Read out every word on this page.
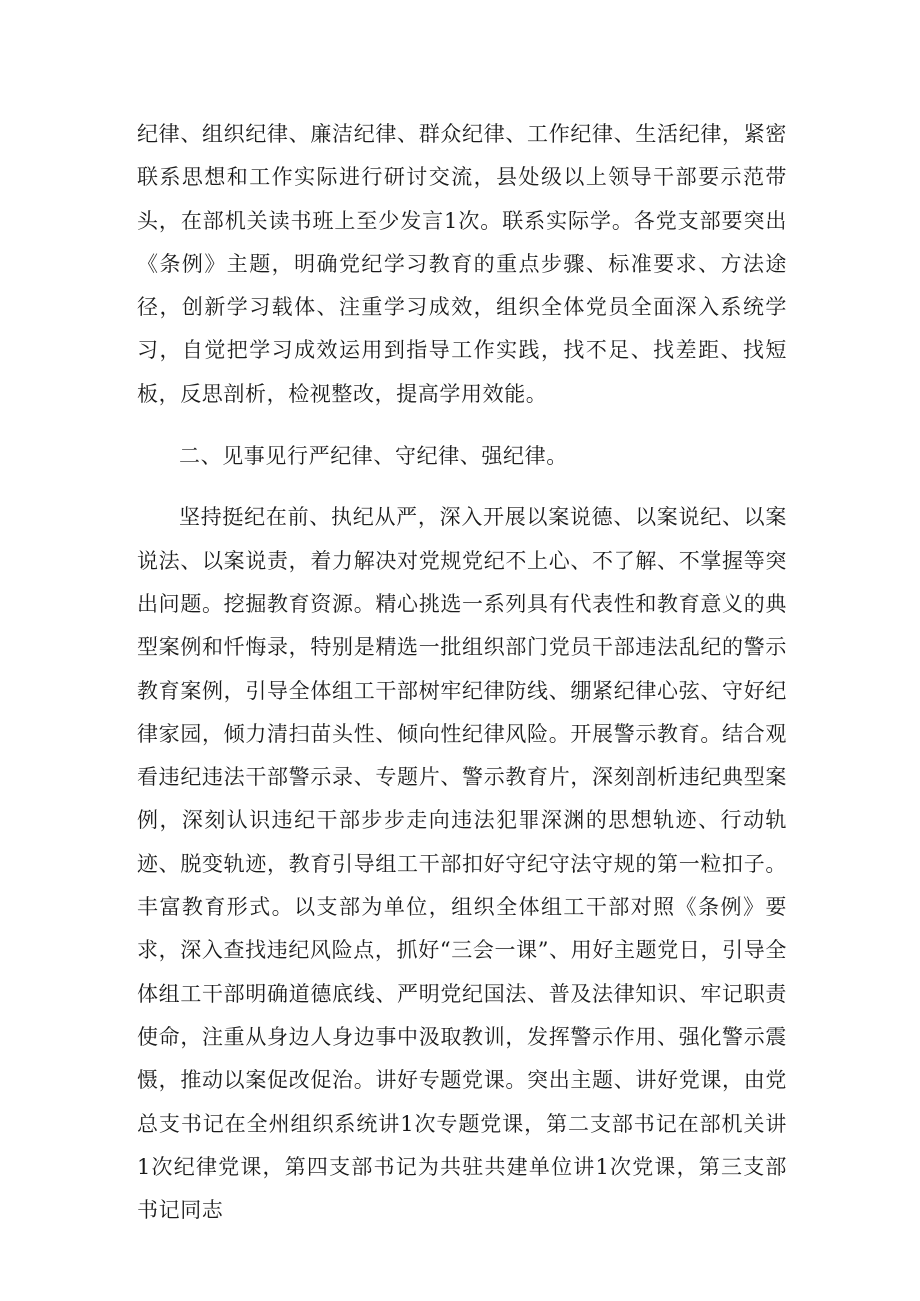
纪律、组织纪律、廉洁纪律、群众纪律、工作纪律、生活纪律，紧密联系思想和工作实际进行研讨交流，县处级以上领导干部要示范带头，在部机关读书班上至少发言1次。联系实际学。各党支部要突出《条例》主题，明确党纪学习教育的重点步骤、标准要求、方法途径，创新学习载体、注重学习成效，组织全体党员全面深入系统学习，自觉把学习成效运用到指导工作实践，找不足、找差距、找短板，反思剖析，检视整改，提高学用效能。

二、见事见行严纪律、守纪律、强纪律。

坚持挺纪在前、执纪从严，深入开展以案说德、以案说纪、以案说法、以案说责，着力解决对党规党纪不上心、不了解、不掌握等突出问题。挖掘教育资源。精心挑选一系列具有代表性和教育意义的典型案例和忏悔录，特别是精选一批组织部门党员干部违法乱纪的警示教育案例，引导全体组工干部树牢纪律防线、绷紧纪律心弦、守好纪律家园，倾力清扫苗头性、倾向性纪律风险。开展警示教育。结合观看违纪违法干部警示录、专题片、警示教育片，深刻剖析违纪典型案例，深刻认识违纪干部步步走向违法犯罪深渊的思想轨迹、行动轨迹、脱变轨迹，教育引导组工干部扣好守纪守法守规的第一粒扣子。丰富教育形式。以支部为单位，组织全体组工干部对照《条例》要求，深入查找违纪风险点，抓好“三会一课”、用好主题党日，引导全体组工干部明确道德底线、严明党纪国法、普及法律知识、牢记职责使命，注重从身边人身边事中汲取教训，发挥警示作用、强化警示震慑，推动以案促改促治。讲好专题党课。突出主题、讲好党课，由党总支书记在全州组织系统讲1次专题党课，第二支部书记在部机关讲1次纪律党课，第四支部书记为共驻共建单位讲1次党课，第三支部书记同志
